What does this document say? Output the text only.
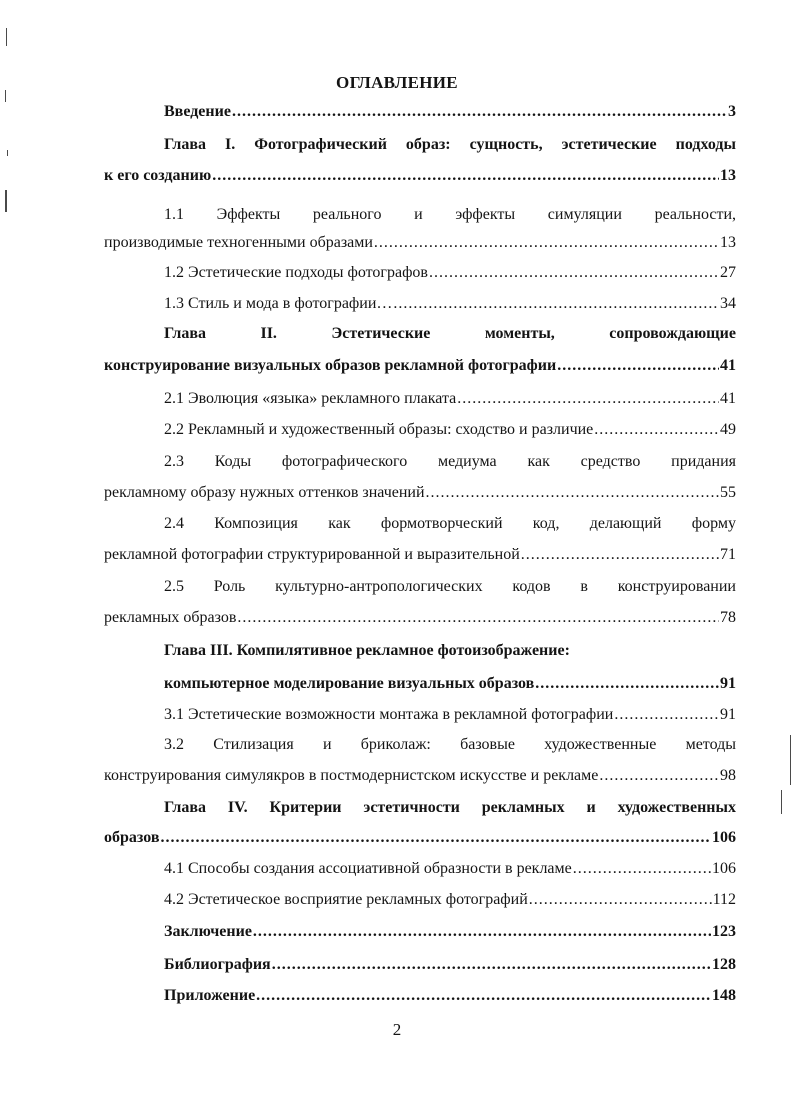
ОГЛАВЛЕНИЕ
Введение .....	3
Глава I. Фотографический образ: сущность, эстетические подходы
к его созданию .....	13
1.1 Эффекты реального и эффекты симуляции реальности,
производимые техногенными образами .....	13
1.2 Эстетические подходы фотографов .....	27
1.3 Стиль и мода в фотографии… .....	34
Глава II. Эстетические моменты, сопровождающие
конструирование визуальных образов рекламной фотографии .....	41
2.1 Эволюция «языка» рекламного плаката .....	41
2.2 Рекламный и художественный образы: сходство и различие .....	49
2.3 Коды фотографического медиума как средство придания
рекламному образу нужных оттенков значений .....	55
2.4 Композиция как формотворческий код, делающий форму
рекламной фотографии структурированной и выразительной .....	71
2.5 Роль культурно-антропологических кодов в конструировании
рекламных образов .....	78
Глава III. Компилятивное рекламное фотоизображение:
компьютерное моделирование визуальных образов .....	91
3.1 Эстетические возможности монтажа в рекламной фотографии .....	91
3.2 Стилизация и бриколаж: базовые художественные методы
конструирования симулякров в постмодернистском искусстве и рекламе .....	98
Глава IV. Критерии эстетичности рекламных и художественных
образов .....	106
4.1 Способы создания ассоциативной образности в рекламе .....	106
4.2 Эстетическое восприятие рекламных фотографий .....	112
Заключение .....	123
Библиография .....	128
Приложение .....	148
2
